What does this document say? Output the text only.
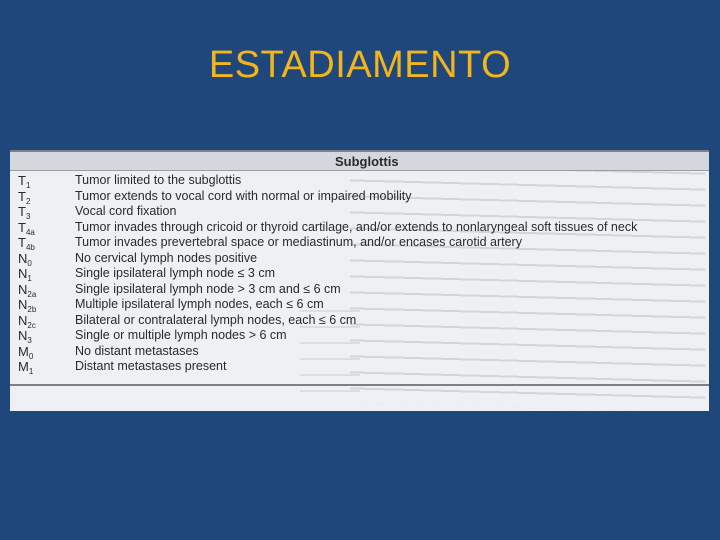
ESTADIAMENTO
Subglottis
$T_1$	Tumor limited to the subglottis
$T_2$	Tumor extends to vocal cord with normal or impaired mobility
$T_3$	Vocal cord fixation
$T_{4a}$	Tumor invades through cricoid or thyroid cartilage, and/or extends to nonlaryngeal soft tissues of neck
$T_{4b}$	Tumor invades prevertebral space or mediastinum, and/or encases carotid artery
$N_0$	No cervical lymph nodes positive
$N_1$	Single ipsilateral lymph node ≤ 3 cm
$N_{2a}$	Single ipsilateral lymph node > 3 cm and ≤ 6 cm
$N_{2b}$	Multiple ipsilateral lymph nodes, each ≤ 6 cm
$N_{2c}$	Bilateral or contralateral lymph nodes, each ≤ 6 cm
$N_3$	Single or multiple lymph nodes > 6 cm
$M_0$	No distant metastases
$M_1$	Distant metastases present
